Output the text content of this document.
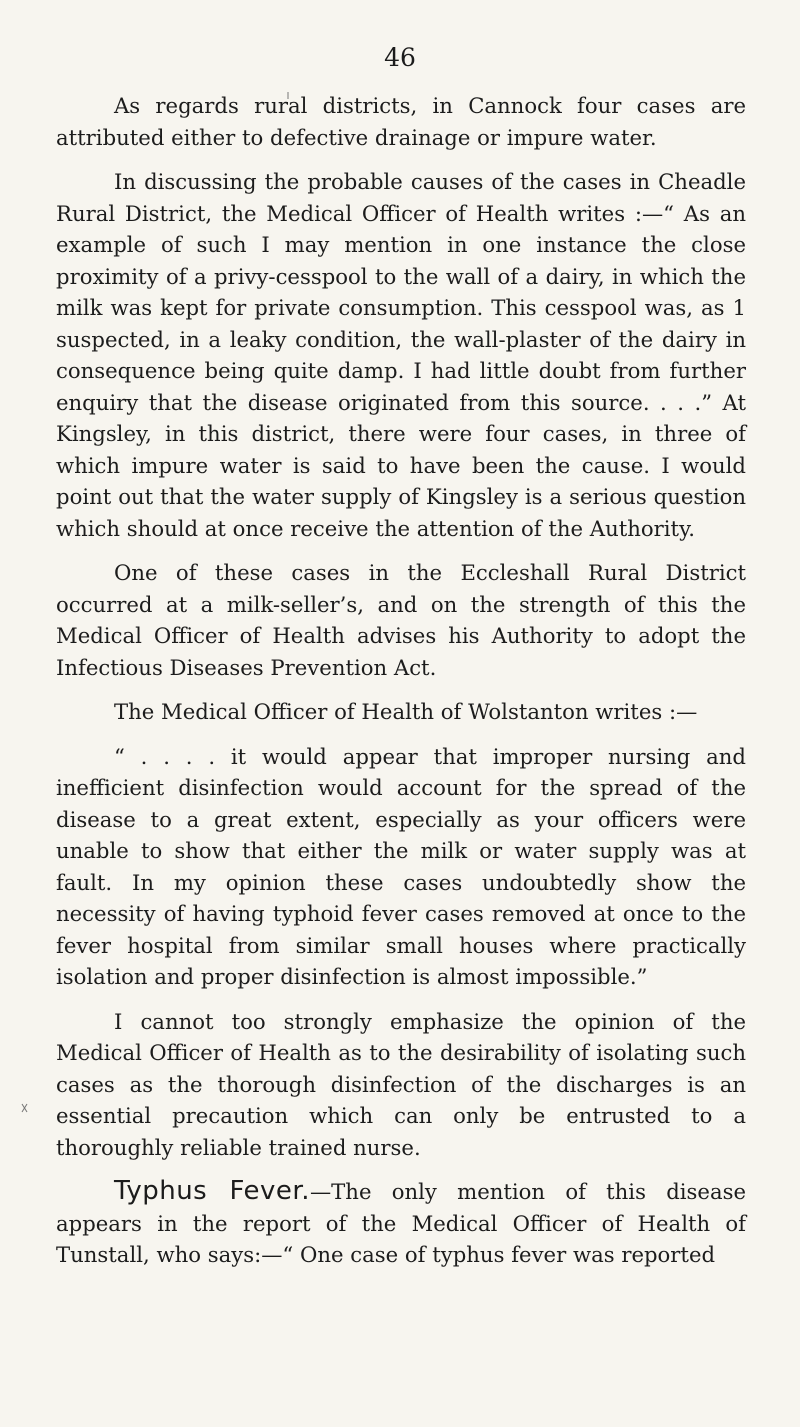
46

As regards rural districts, in Cannock four cases are attributed either to defective drainage or impure water.

In discussing the probable causes of the cases in Cheadle Rural District, the Medical Officer of Health writes :—“ As an example of such I may mention in one instance the close proximity of a privy-cesspool to the wall of a dairy, in which the milk was kept for private consumption. This cesspool was, as 1 suspected, in a leaky condition, the wall-plaster of the dairy in consequence being quite damp. I had little doubt from further enquiry that the disease originated from this source. . . .” At Kingsley, in this district, there were four cases, in three of which impure water is said to have been the cause. I would point out that the water supply of Kingsley is a serious question which should at once receive the attention of the Authority.

One of these cases in the Eccleshall Rural District occurred at a milk-seller’s, and on the strength of this the Medical Officer of Health advises his Authority to adopt the Infectious Diseases Prevention Act.

The Medical Officer of Health of Wolstanton writes :—

“ . . . . it would appear that improper nursing and inefficient disinfection would account for the spread of the disease to a great extent, especially as your officers were unable to show that either the milk or water supply was at fault. In my opinion these cases undoubtedly show the necessity of having typhoid fever cases removed at once to the fever hospital from similar small houses where practically isolation and proper disinfection is almost impossible.”

I cannot too strongly emphasize the opinion of the Medical Officer of Health as to the desirability of isolating such cases as the thorough disinfection of the discharges is an essential precaution which can only be entrusted to a thoroughly reliable trained nurse.

Typhus Fever.—The only mention of this disease appears in the report of the Medical Officer of Health of Tunstall, who says:—“ One case of typhus fever was reported
